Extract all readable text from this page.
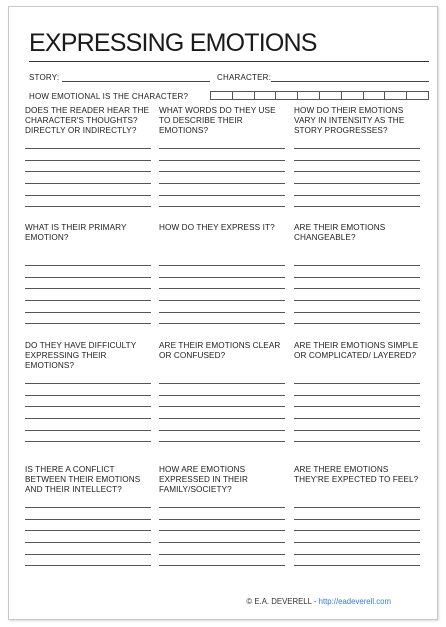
EXPRESSING EMOTIONS
STORY:	CHARACTER:
HOW EMOTIONAL IS THE CHARACTER?
DOES THE READER HEAR THE CHARACTER'S THOUGHTS? DIRECTLY OR INDIRECTLY?
WHAT WORDS DO THEY USE TO DESCRIBE THEIR EMOTIONS?
HOW DO THEIR EMOTIONS VARY IN INTENSITY AS THE STORY PROGRESSES?
WHAT IS THEIR PRIMARY EMOTION?
HOW DO THEY EXPRESS IT?	ARE THEIR EMOTIONS CHANGEABLE?
DO THEY HAVE DIFFICULTY EXPRESSING THEIR EMOTIONS?
ARE THEIR EMOTIONS CLEAR OR CONFUSED?
ARE THEIR EMOTIONS SIMPLE OR COMPLICATED/ LAYERED?
IS THERE A CONFLICT BETWEEN THEIR EMOTIONS AND THEIR INTELLECT?
HOW ARE EMOTIONS EXPRESSED IN THEIR FAMILY/SOCIETY?
ARE THERE EMOTIONS THEY'RE EXPECTED TO FEEL?
© E.A. DEVERELL - http://eadeverell.com
